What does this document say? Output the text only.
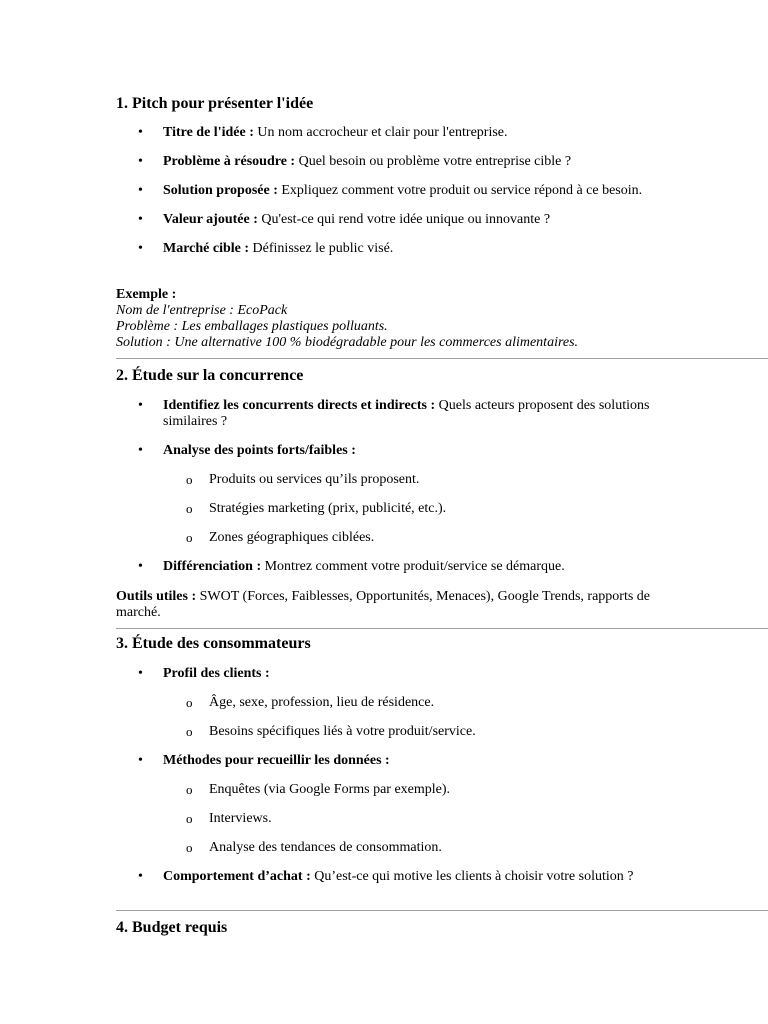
1. Pitch pour présenter l'idée
• Titre de l'idée : Un nom accrocheur et clair pour l'entreprise.
• Problème à résoudre : Quel besoin ou problème votre entreprise cible ?
• Solution proposée : Expliquez comment votre produit ou service répond à ce besoin.
• Valeur ajoutée : Qu'est-ce qui rend votre idée unique ou innovante ?
• Marché cible : Définissez le public visé.
Exemple :
Nom de l'entreprise : EcoPack
Problème : Les emballages plastiques polluants.
Solution : Une alternative 100 % biodégradable pour les commerces alimentaires.
2. Étude sur la concurrence
• Identifiez les concurrents directs et indirects : Quels acteurs proposent des solutions similaires ?
• Analyse des points forts/faibles :
o Produits ou services qu’ils proposent.
o Stratégies marketing (prix, publicité, etc.).
o Zones géographiques ciblées.
• Différenciation : Montrez comment votre produit/service se démarque.
Outils utiles : SWOT (Forces, Faiblesses, Opportunités, Menaces), Google Trends, rapports de marché.
3. Étude des consommateurs
• Profil des clients :
o Âge, sexe, profession, lieu de résidence.
o Besoins spécifiques liés à votre produit/service.
• Méthodes pour recueillir les données :
o Enquêtes (via Google Forms par exemple).
o Interviews.
o Analyse des tendances de consommation.
• Comportement d’achat : Qu’est-ce qui motive les clients à choisir votre solution ?
4. Budget requis
